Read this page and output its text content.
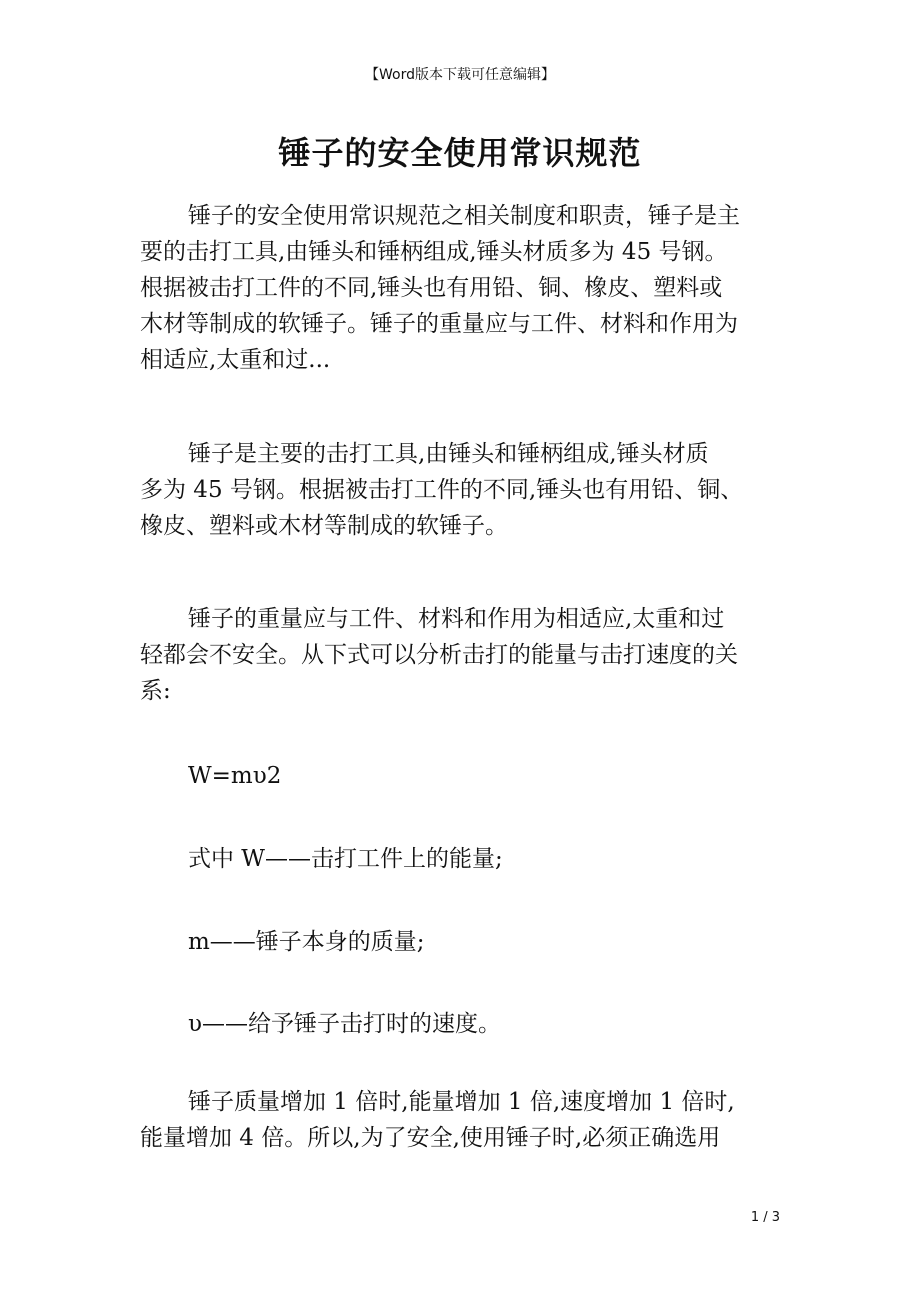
【Word版本下载可任意编辑】
锤子的安全使用常识规范
锤子的安全使用常识规范之相关制度和职责，锤子是主
要的击打工具,由锤头和锤柄组成,锤头材质多为 45 号钢。
根据被击打工件的不同,锤头也有用铅、铜、橡皮、塑料或
木材等制成的软锤子。锤子的重量应与工件、材料和作用为
相适应,太重和过...
锤子是主要的击打工具,由锤头和锤柄组成,锤头材质
多为 45 号钢。根据被击打工件的不同,锤头也有用铅、铜、
橡皮、塑料或木材等制成的软锤子。
锤子的重量应与工件、材料和作用为相适应,太重和过
轻都会不安全。从下式可以分析击打的能量与击打速度的关
系:
W=mυ2
式中 W——击打工件上的能量;
m——锤子本身的质量;
υ——给予锤子击打时的速度。
锤子质量增加 1 倍时,能量增加 1 倍,速度增加 1 倍时,
能量增加 4 倍。所以,为了安全,使用锤子时,必须正确选用
1 / 3
